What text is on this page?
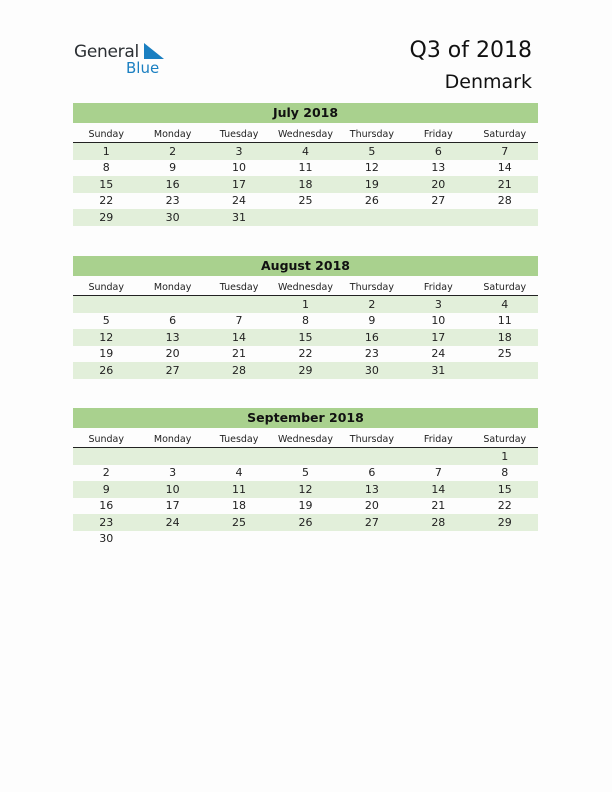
General
Blue
Q3 of 2018
Denmark
July 2018
Sunday	Monday	Tuesday	Wednesday	Thursday	Friday	Saturday
1	2	3	4	5	6	7
8	9	10	11	12	13	14
15	16	17	18	19	20	21
22	23	24	25	26	27	28
29	30	31				
August 2018
Sunday	Monday	Tuesday	Wednesday	Thursday	Friday	Saturday
			1	2	3	4
5	6	7	8	9	10	11
12	13	14	15	16	17	18
19	20	21	22	23	24	25
26	27	28	29	30	31	
September 2018
Sunday	Monday	Tuesday	Wednesday	Thursday	Friday	Saturday
						1
2	3	4	5	6	7	8
9	10	11	12	13	14	15
16	17	18	19	20	21	22
23	24	25	26	27	28	29
30						
